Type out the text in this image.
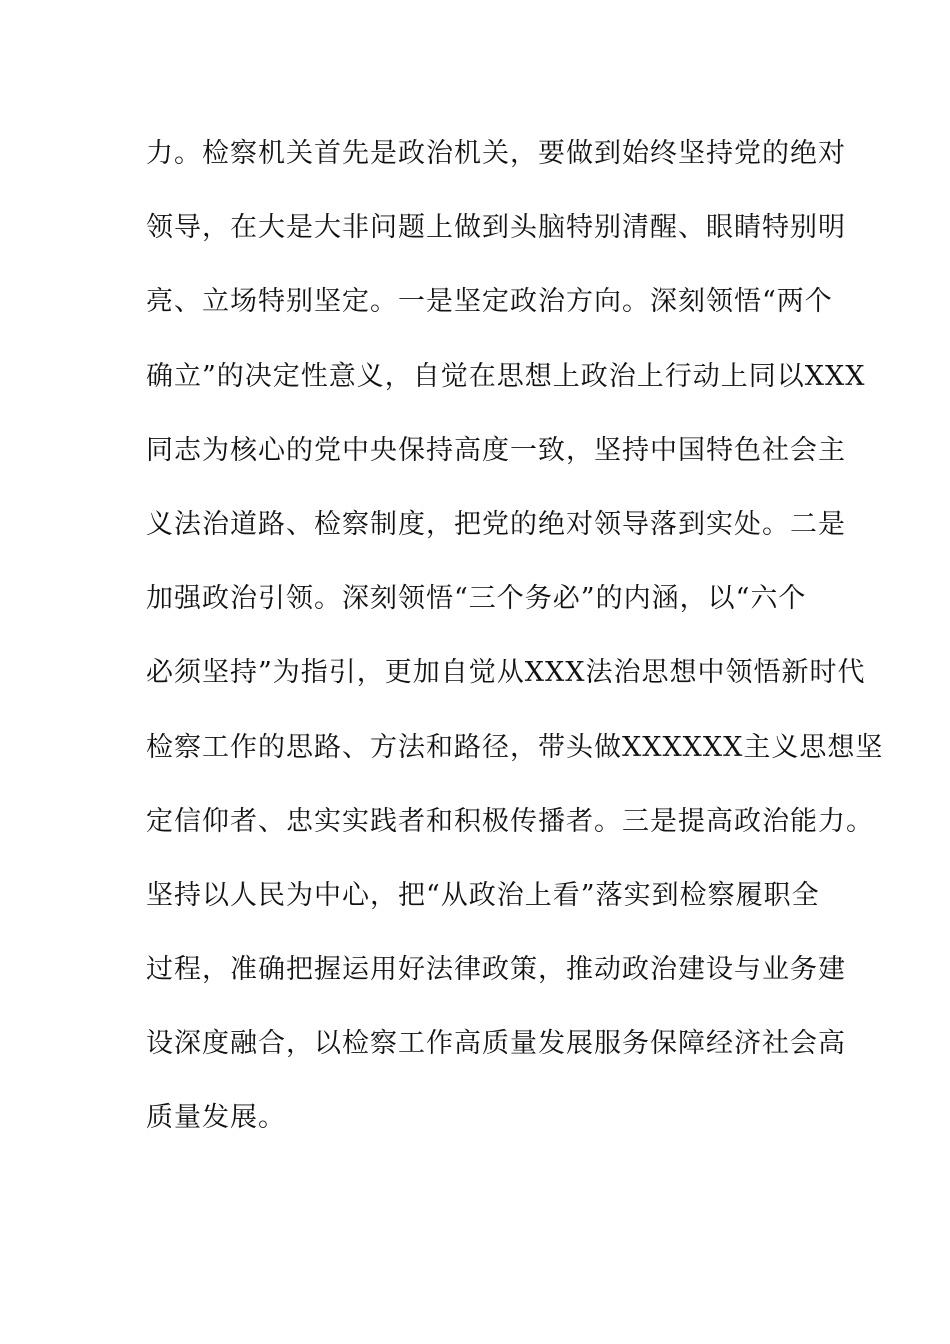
力。检察机关首先是政治机关，要做到始终坚持党的绝对
领导，在大是大非问题上做到头脑特别清醒、眼睛特别明
亮、立场特别坚定。一是坚定政治方向。深刻领悟“两个
确立”的决定性意义，自觉在思想上政治上行动上同以XXX
同志为核心的党中央保持高度一致，坚持中国特色社会主
义法治道路、检察制度，把党的绝对领导落到实处。二是
加强政治引领。深刻领悟“三个务必”的内涵，以“六个
必须坚持”为指引，更加自觉从XXX法治思想中领悟新时代
检察工作的思路、方法和路径，带头做XXXXXX主义思想坚
定信仰者、忠实实践者和积极传播者。三是提高政治能力。
坚持以人民为中心，把“从政治上看”落实到检察履职全
过程，准确把握运用好法律政策，推动政治建设与业务建
设深度融合，以检察工作高质量发展服务保障经济社会高
质量发展。
